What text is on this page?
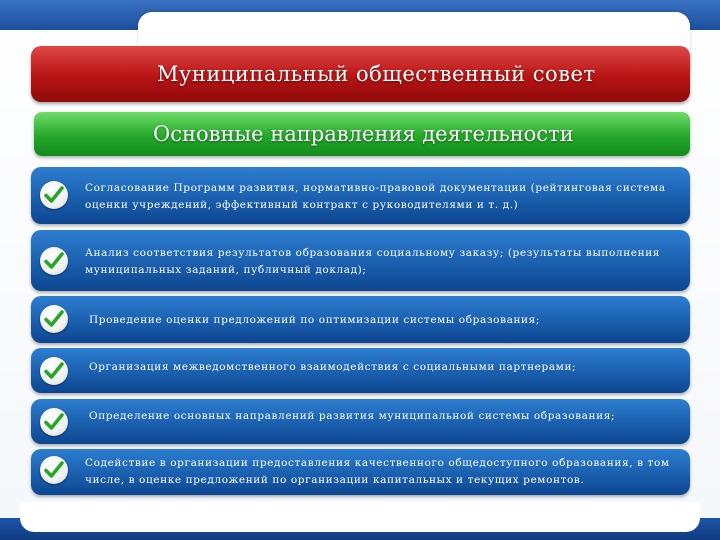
Муниципальный общественный совет
Основные направления деятельности
Согласование Программ развития, нормативно-правовой документации (рейтинговая система
оценки учреждений, эффективный контракт с руководителями и т. д.)
Анализ соответствия результатов образования социальному заказу; (результаты выполнения
муниципальных заданий, публичный доклад);
Проведение оценки предложений по оптимизации системы образования;
Организация межведомственного взаимодействия с социальными партнерами;
Определение основных направлений развития муниципальной системы образования;
Содействие в организации предоставления качественного общедоступного образования, в том
числе, в оценке предложений по организации капитальных и текущих ремонтов.
